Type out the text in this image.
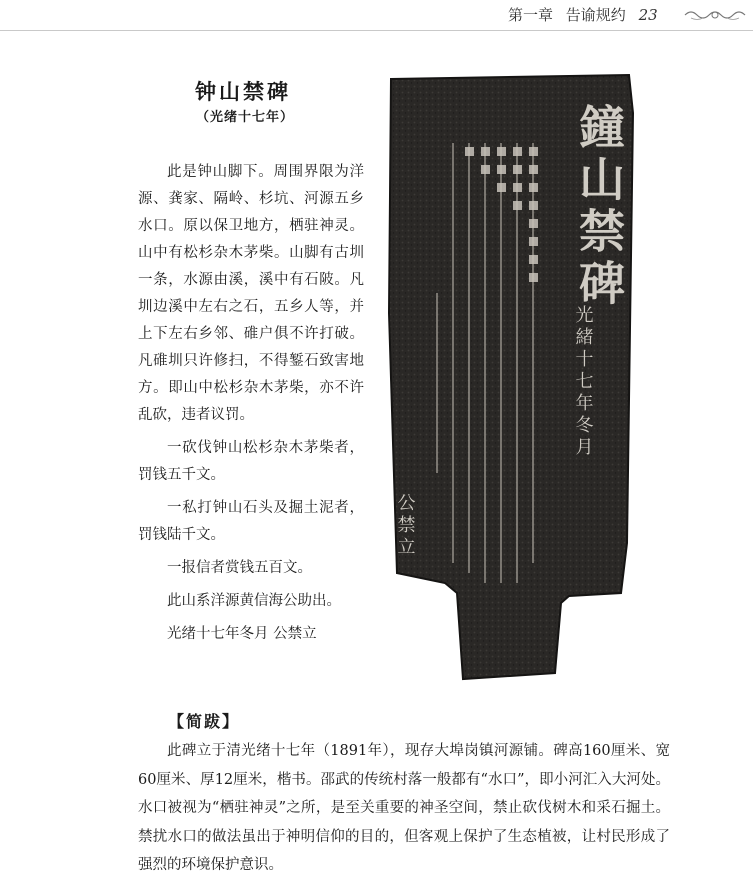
第一章 告谕规约 23
钟山禁碑
（光绪十七年）

此是钟山脚下。周围界限为洋源、龚家、隔岭、杉坑、河源五乡水口。原以保卫地方，栖驻神灵。山中有松杉杂木茅柴。山脚有古圳一条，水源由溪，溪中有石陂。凡圳边溪中左右之石，五乡人等，并上下左右乡邻、碓户俱不许打破。凡碓圳只许修扫，不得錾石致害地方。即山中松杉杂木茅柴，亦不许乱砍，违者议罚。

一砍伐钟山松杉杂木茅柴者，罚钱五千文。

一私打钟山石头及掘土泥者，罚钱陆千文。

一报信者赏钱五百文。

此山系洋源黄信海公助出。

光绪十七年冬月 公禁立

鐘山禁碑
光緒十七年冬月
公禁立
【简跋】

此碑立于清光绪十七年（1891年），现存大埠岗镇河源铺。碑高160厘米、宽60厘米、厚12厘米，楷书。邵武的传统村落一般都有“水口”，即小河汇入大河处。水口被视为“栖驻神灵”之所，是至关重要的神圣空间，禁止砍伐树木和采石掘土。禁扰水口的做法虽出于神明信仰的目的，但客观上保护了生态植被，让村民形成了强烈的环境保护意识。
